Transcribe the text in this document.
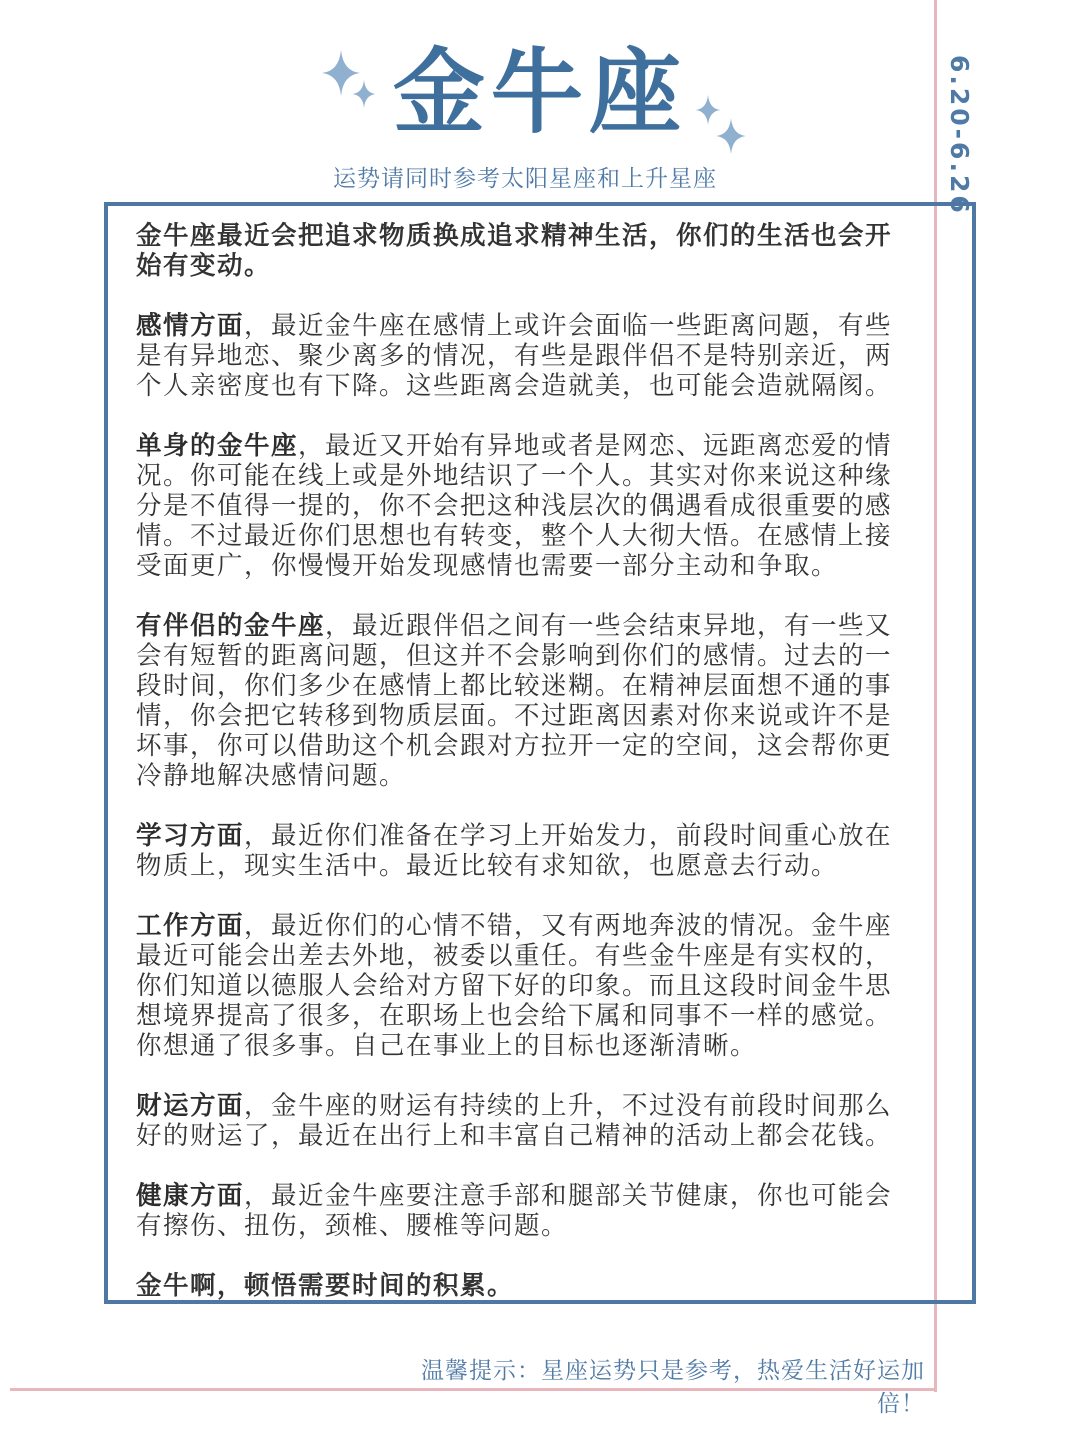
6.20-6.26
金牛座
运势请同时参考太阳星座和上升星座

金牛座最近会把追求物质换成追求精神生活，你们的生活也会开始有变动。

感情方面，最近金牛座在感情上或许会面临一些距离问题，有些是有异地恋、聚少离多的情况，有些是跟伴侣不是特别亲近，两个人亲密度也有下降。这些距离会造就美，也可能会造就隔阂。

单身的金牛座，最近又开始有异地或者是网恋、远距离恋爱的情况。你可能在线上或是外地结识了一个人。其实对你来说这种缘分是不值得一提的，你不会把这种浅层次的偶遇看成很重要的感情。不过最近你们思想也有转变，整个人大彻大悟。在感情上接受面更广，你慢慢开始发现感情也需要一部分主动和争取。

有伴侣的金牛座，最近跟伴侣之间有一些会结束异地，有一些又会有短暂的距离问题，但这并不会影响到你们的感情。过去的一段时间，你们多少在感情上都比较迷糊。在精神层面想不通的事情，你会把它转移到物质层面。不过距离因素对你来说或许不是坏事，你可以借助这个机会跟对方拉开一定的空间，这会帮你更冷静地解决感情问题。

学习方面，最近你们准备在学习上开始发力，前段时间重心放在物质上，现实生活中。最近比较有求知欲，也愿意去行动。

工作方面，最近你们的心情不错，又有两地奔波的情况。金牛座最近可能会出差去外地，被委以重任。有些金牛座是有实权的，你们知道以德服人会给对方留下好的印象。而且这段时间金牛思想境界提高了很多，在职场上也会给下属和同事不一样的感觉。你想通了很多事。自己在事业上的目标也逐渐清晰。

财运方面，金牛座的财运有持续的上升，不过没有前段时间那么好的财运了，最近在出行上和丰富自己精神的活动上都会花钱。

健康方面，最近金牛座要注意手部和腿部关节健康，你也可能会有擦伤、扭伤，颈椎、腰椎等问题。

金牛啊，顿悟需要时间的积累。

温馨提示：星座运势只是参考，热爱生活好运加倍！
